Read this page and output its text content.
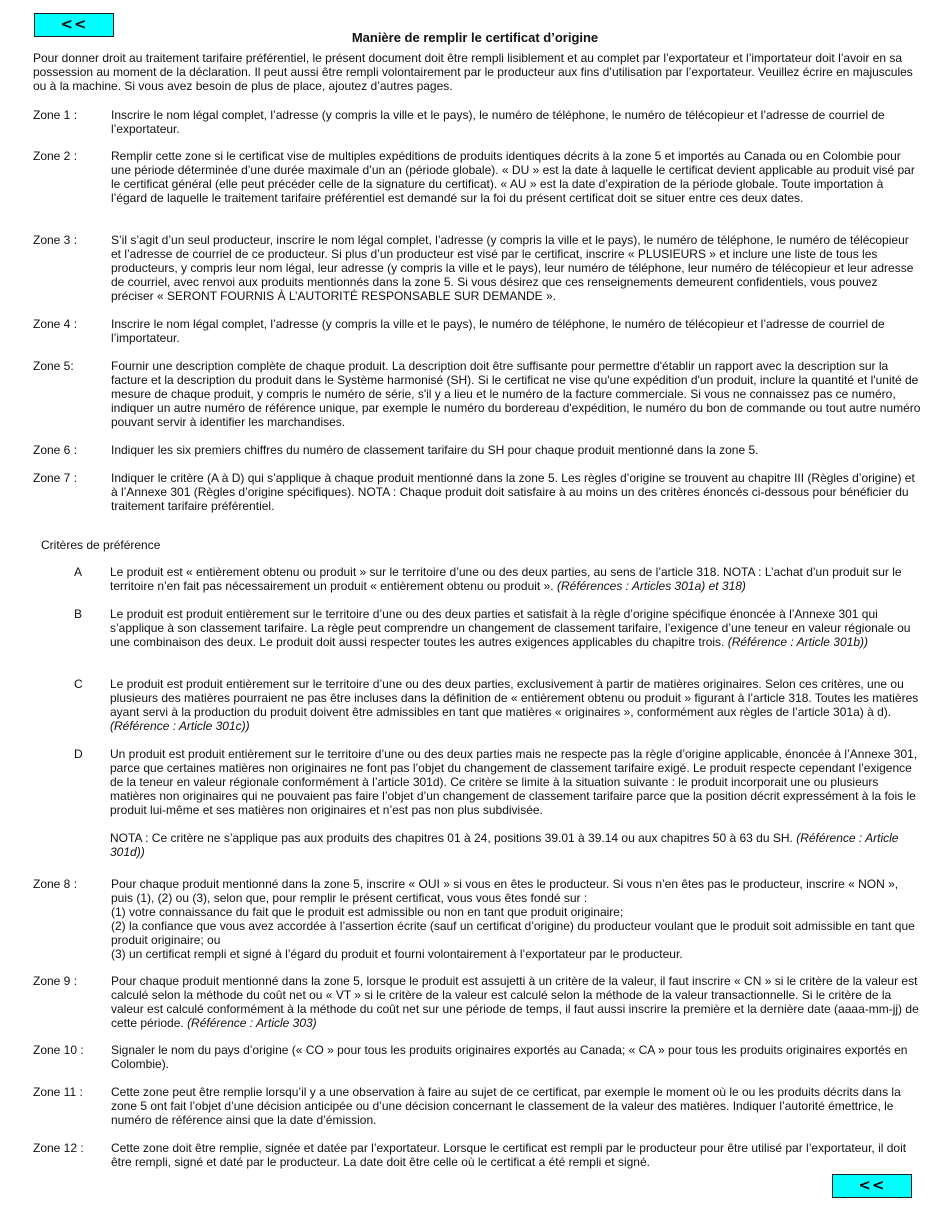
<<
Manière de remplir le certificat d’origine
Pour donner droit au traitement tarifaire préférentiel, le présent document doit être rempli lisiblement et au complet par l’exportateur et l’importateur doit l’avoir en sa possession au moment de la déclaration. Il peut aussi être rempli volontairement par le producteur aux fins d’utilisation par l’exportateur. Veuillez écrire en majuscules ou à la machine. Si vous avez besoin de plus de place, ajoutez d’autres pages.
Zone 1 :	Inscrire le nom légal complet, l’adresse (y compris la ville et le pays), le numéro de téléphone, le numéro de télécopieur et l’adresse de courriel de l’exportateur.
Zone 2 :	Remplir cette zone si le certificat vise de multiples expéditions de produits identiques décrits à la zone 5 et importés au Canada ou en Colombie pour une période déterminée d’une durée maximale d’un an (période globale). « DU » est la date à laquelle le certificat devient applicable au produit visé par le certificat général (elle peut précéder celle de la signature du certificat). « AU » est la date d’expiration de la période globale. Toute importation à l’égard de laquelle le traitement tarifaire préférentiel est demandé sur la foi du présent certificat doit se situer entre ces deux dates.
Zone 3 :	S’il s’agit d’un seul producteur, inscrire le nom légal complet, l’adresse (y compris la ville et le pays), le numéro de téléphone, le numéro de télécopieur et l’adresse de courriel de ce producteur. Si plus d’un producteur est visé par le certificat, inscrire « PLUSIEURS » et inclure une liste de tous les producteurs, y compris leur nom légal, leur adresse (y compris la ville et le pays), leur numéro de téléphone, leur numéro de télécopieur et leur adresse de courriel, avec renvoi aux produits mentionnés dans la zone 5. Si vous désirez que ces renseignements demeurent confidentiels, vous pouvez préciser « SERONT FOURNIS À L’AUTORITÉ RESPONSABLE SUR DEMANDE ».
Zone 4 :	Inscrire le nom légal complet, l’adresse (y compris la ville et le pays), le numéro de téléphone, le numéro de télécopieur et l’adresse de courriel de l’importateur.
Zone 5:	Fournir une description complète de chaque produit. La description doit être suffisante pour permettre d'établir un rapport avec la description sur la facture et la description du produit dans le Système harmonisé (SH). Si le certificat ne vise qu'une expédition d'un produit, inclure la quantité et l'unité de mesure de chaque produit, y compris le numéro de série, s'il y a lieu et le numéro de la facture commerciale. Si vous ne connaissez pas ce numéro, indiquer un autre numéro de référence unique, par exemple le numéro du bordereau d'expédition, le numéro du bon de commande ou tout autre numéro pouvant servir à identifier les marchandises.
Zone 6 :	Indiquer les six premiers chiffres du numéro de classement tarifaire du SH pour chaque produit mentionné dans la zone 5.
Zone 7 :	Indiquer le critère (A à D) qui s’applique à chaque produit mentionné dans la zone 5. Les règles d’origine se trouvent au chapitre III (Règles d’origine) et à l’Annexe 301 (Règles d’origine spécifiques). NOTA : Chaque produit doit satisfaire à au moins un des critères énoncés ci-dessous pour bénéficier du traitement tarifaire préférentiel.
Critères de préférence
A Le produit est « entièrement obtenu ou produit » sur le territoire d’une ou des deux parties, au sens de l’article 318. NOTA : L’achat d’un produit sur le territoire n’en fait pas nécessairement un produit « entièrement obtenu ou produit ». (Références : Articles 301a) et 318)
B Le produit est produit entièrement sur le territoire d’une ou des deux parties et satisfait à la règle d’origine spécifique énoncée à l’Annexe 301 qui s’applique à son classement tarifaire. La règle peut comprendre un changement de classement tarifaire, l’exigence d’une teneur en valeur régionale ou une combinaison des deux. Le produit doit aussi respecter toutes les autres exigences applicables du chapitre trois. (Référence : Article 301b))
C Le produit est produit entièrement sur le territoire d’une ou des deux parties, exclusivement à partir de matières originaires. Selon ces critères, une ou plusieurs des matières pourraient ne pas être incluses dans la définition de « entièrement obtenu ou produit » figurant à l’article 318. Toutes les matières ayant servi à la production du produit doivent être admissibles en tant que matières « originaires », conformément aux règles de l’article 301a) à d). (Référence : Article 301c))
D Un produit est produit entièrement sur le territoire d’une ou des deux parties mais ne respecte pas la règle d’origine applicable, énoncée à l’Annexe 301, parce que certaines matières non originaires ne font pas l’objet du changement de classement tarifaire exigé. Le produit respecte cependant l’exigence de la teneur en valeur régionale conformément à l’article 301d). Ce critère se limite à la situation suivante : le produit incorporait une ou plusieurs matières non originaires qui ne pouvaient pas faire l’objet d’un changement de classement tarifaire parce que la position décrit expressément à la fois le produit lui-même et ses matières non originaires et n’est pas non plus subdivisée.
NOTA : Ce critère ne s’applique pas aux produits des chapitres 01 à 24, positions 39.01 à 39.14 ou aux chapitres 50 à 63 du SH. (Référence : Article 301d))
Zone 8 :	Pour chaque produit mentionné dans la zone 5, inscrire « OUI » si vous en êtes le producteur. Si vous n’en êtes pas le producteur, inscrire « NON », puis (1), (2) ou (3), selon que, pour remplir le présent certificat, vous vous êtes fondé sur :
(1) votre connaissance du fait que le produit est admissible ou non en tant que produit originaire;
(2) la confiance que vous avez accordée à l’assertion écrite (sauf un certificat d’origine) du producteur voulant que le produit soit admissible en tant que produit originaire; ou
(3) un certificat rempli et signé à l’égard du produit et fourni volontairement à l’exportateur par le producteur.
Zone 9 :	Pour chaque produit mentionné dans la zone 5, lorsque le produit est assujetti à un critère de la valeur, il faut inscrire « CN » si le critère de la valeur est calculé selon la méthode du coût net ou « VT » si le critère de la valeur est calculé selon la méthode de la valeur transactionnelle. Si le critère de la valeur est calculé conformément à la méthode du coût net sur une période de temps, il faut aussi inscrire la première et la dernière date (aaaa-mm-jj) de cette période. (Référence : Article 303)
Zone 10 : Signaler le nom du pays d’origine (« CO » pour tous les produits originaires exportés au Canada; « CA » pour tous les produits originaires exportés en Colombie).
Zone 11 : Cette zone peut être remplie lorsqu’il y a une observation à faire au sujet de ce certificat, par exemple le moment où le ou les produits décrits dans la zone 5 ont fait l’objet d’une décision anticipée ou d’une décision concernant le classement de la valeur des matières. Indiquer l’autorité émettrice, le numéro de référence ainsi que la date d’émission.
Zone 12 : Cette zone doit être remplie, signée et datée par l’exportateur. Lorsque le certificat est rempli par le producteur pour être utilisé par l’exportateur, il doit être rempli, signé et daté par le producteur. La date doit être celle où le certificat a été rempli et signé.
<<
